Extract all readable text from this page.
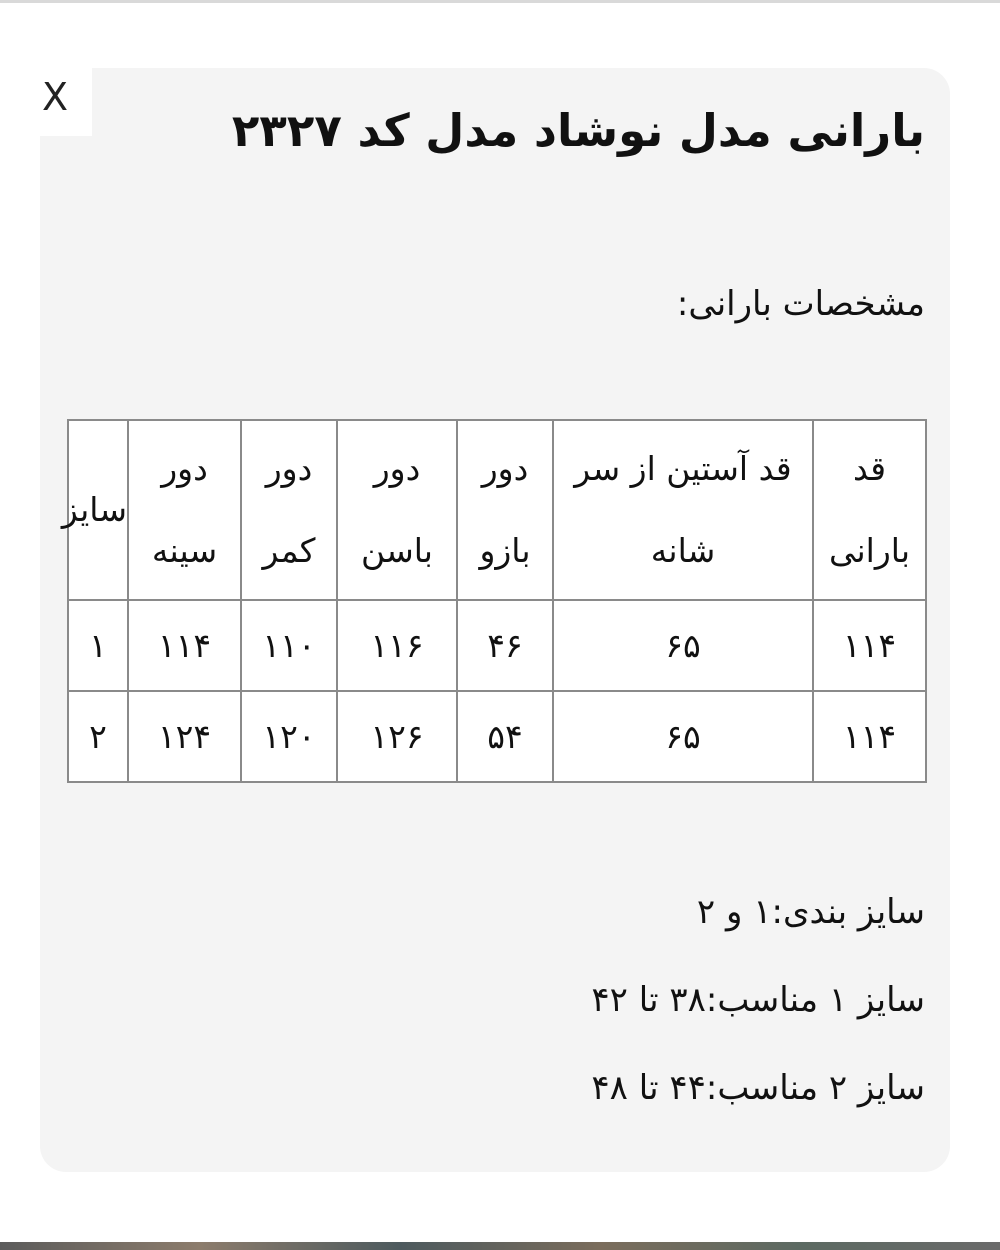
X
بارانی مدل نوشاد مدل کد ۲۳۲۷
مشخصات بارانی:
قد بارانی	قد آستین از سر شانه	دور بازو	دور باسن	دور کمر	دور سینه	سایز
۱۱۴	۶۵	۴۶	۱۱۶	۱۱۰	۱۱۴	۱
۱۱۴	۶۵	۵۴	۱۲۶	۱۲۰	۱۲۴	۲
سایز بندی:۱ و ۲
سایز ۱ مناسب:۳۸ تا ۴۲
سایز ۲ مناسب:۴۴ تا ۴۸
